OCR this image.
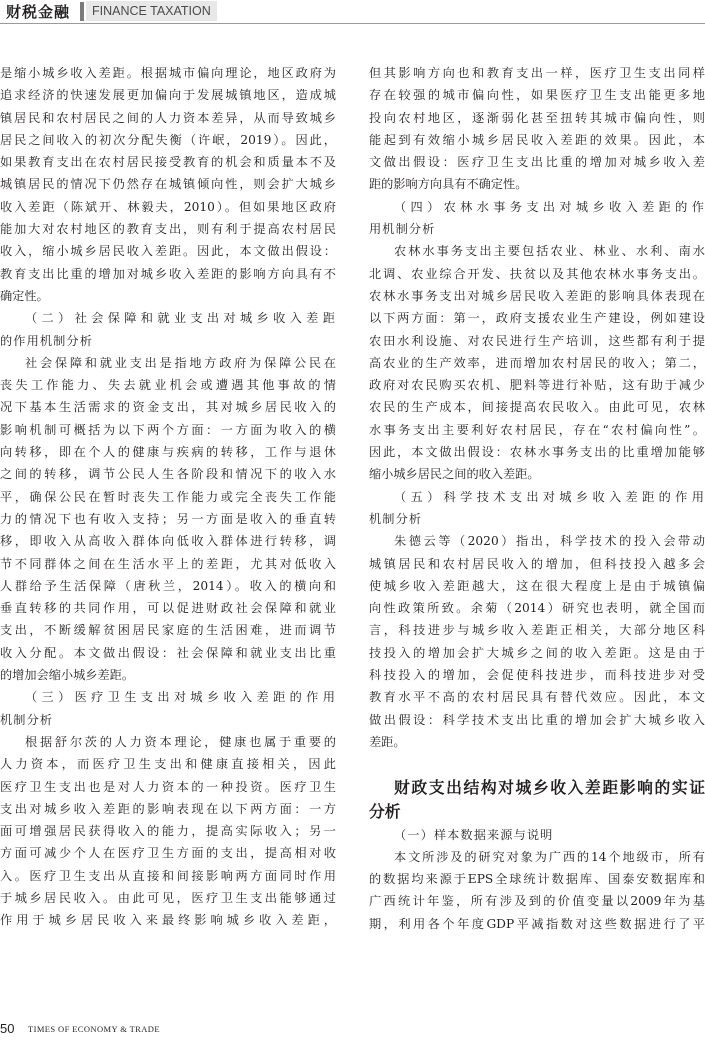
财税金融	FINANCE TAXATION
是缩小城乡收入差距。根据城市偏向理论，地区政府为
追求经济的快速发展更加偏向于发展城镇地区，造成城
镇居民和农村居民之间的人力资本差异，从而导致城乡
居民之间收入的初次分配失衡（许岷，2019）。因此，
如果教育支出在农村居民接受教育的机会和质量本不及
城镇居民的情况下仍然存在城镇倾向性，则会扩大城乡
收入差距（陈斌开、林毅夫，2010）。但如果地区政府
能加大对农村地区的教育支出，则有利于提高农村居民
收入，缩小城乡居民收入差距。因此，本文做出假设：
教育支出比重的增加对城乡收入差距的影响方向具有不
确定性。
（二）社会保障和就业支出对城乡收入差距
的作用机制分析
社会保障和就业支出是指地方政府为保障公民在
丧失工作能力、失去就业机会或遭遇其他事故的情
况下基本生活需求的资金支出，其对城乡居民收入的
影响机制可概括为以下两个方面：一方面为收入的横
向转移，即在个人的健康与疾病的转移，工作与退休
之间的转移，调节公民人生各阶段和情况下的收入水
平，确保公民在暂时丧失工作能力或完全丧失工作能
力的情况下也有收入支持；另一方面是收入的垂直转
移，即收入从高收入群体向低收入群体进行转移，调
节不同群体之间在生活水平上的差距，尤其对低收入
人群给予生活保障（唐秋兰，2014）。收入的横向和
垂直转移的共同作用，可以促进财政社会保障和就业
支出，不断缓解贫困居民家庭的生活困难，进而调节
收入分配。本文做出假设：社会保障和就业支出比重
的增加会缩小城乡差距。
（三）医疗卫生支出对城乡收入差距的作用
机制分析
根据舒尔茨的人力资本理论，健康也属于重要的
人力资本，而医疗卫生支出和健康直接相关，因此
医疗卫生支出也是对人力资本的一种投资。医疗卫生
支出对城乡收入差距的影响表现在以下两方面：一方
面可增强居民获得收入的能力，提高实际收入；另一
方面可减少个人在医疗卫生方面的支出，提高相对收
入。医疗卫生支出从直接和间接影响两方面同时作用
于城乡居民收入。由此可见，医疗卫生支出能够通过
作用于城乡居民收入来最终影响城乡收入差距，
但其影响方向也和教育支出一样，医疗卫生支出同样
存在较强的城市偏向性，如果医疗卫生支出能更多地
投向农村地区，逐渐弱化甚至扭转其城市偏向性，则
能起到有效缩小城乡居民收入差距的效果。因此，本
文做出假设：医疗卫生支出比重的增加对城乡收入差
距的影响方向具有不确定性。
（四）农林水事务支出对城乡收入差距的作
用机制分析
农林水事务支出主要包括农业、林业、水利、南水
北调、农业综合开发、扶贫以及其他农林水事务支出。
农林水事务支出对城乡居民收入差距的影响具体表现在
以下两方面：第一，政府支援农业生产建设，例如建设
农田水利设施、对农民进行生产培训，这些都有利于提
高农业的生产效率，进而增加农村居民的收入；第二，
政府对农民购买农机、肥料等进行补贴，这有助于减少
农民的生产成本，间接提高农民收入。由此可见，农林
水事务支出主要利好农村居民，存在“农村偏向性”。
因此，本文做出假设：农林水事务支出的比重增加能够
缩小城乡居民之间的收入差距。
（五）科学技术支出对城乡收入差距的作用
机制分析
朱德云等（2020）指出，科学技术的投入会带动
城镇居民和农村居民收入的增加，但科技投入越多会
使城乡收入差距越大，这在很大程度上是由于城镇偏
向性政策所致。余菊（2014）研究也表明，就全国而
言，科技进步与城乡收入差距正相关，大部分地区科
技投入的增加会扩大城乡之间的收入差距。这是由于
科技投入的增加，会促使科技进步，而科技进步对受
教育水平不高的农村居民具有替代效应。因此，本文
做出假设：科学技术支出比重的增加会扩大城乡收入
差距。
财政支出结构对城乡收入差距影响的实证
分析
（一）样本数据来源与说明
本文所涉及的研究对象为广西的14个地级市，所有
的数据均来源于EPS全球统计数据库、国泰安数据库和
广西统计年鉴，所有涉及到的价值变量以2009年为基
期，利用各个年度GDP平减指数对这些数据进行了平
50 TIMES OF ECONOMY & TRADE
